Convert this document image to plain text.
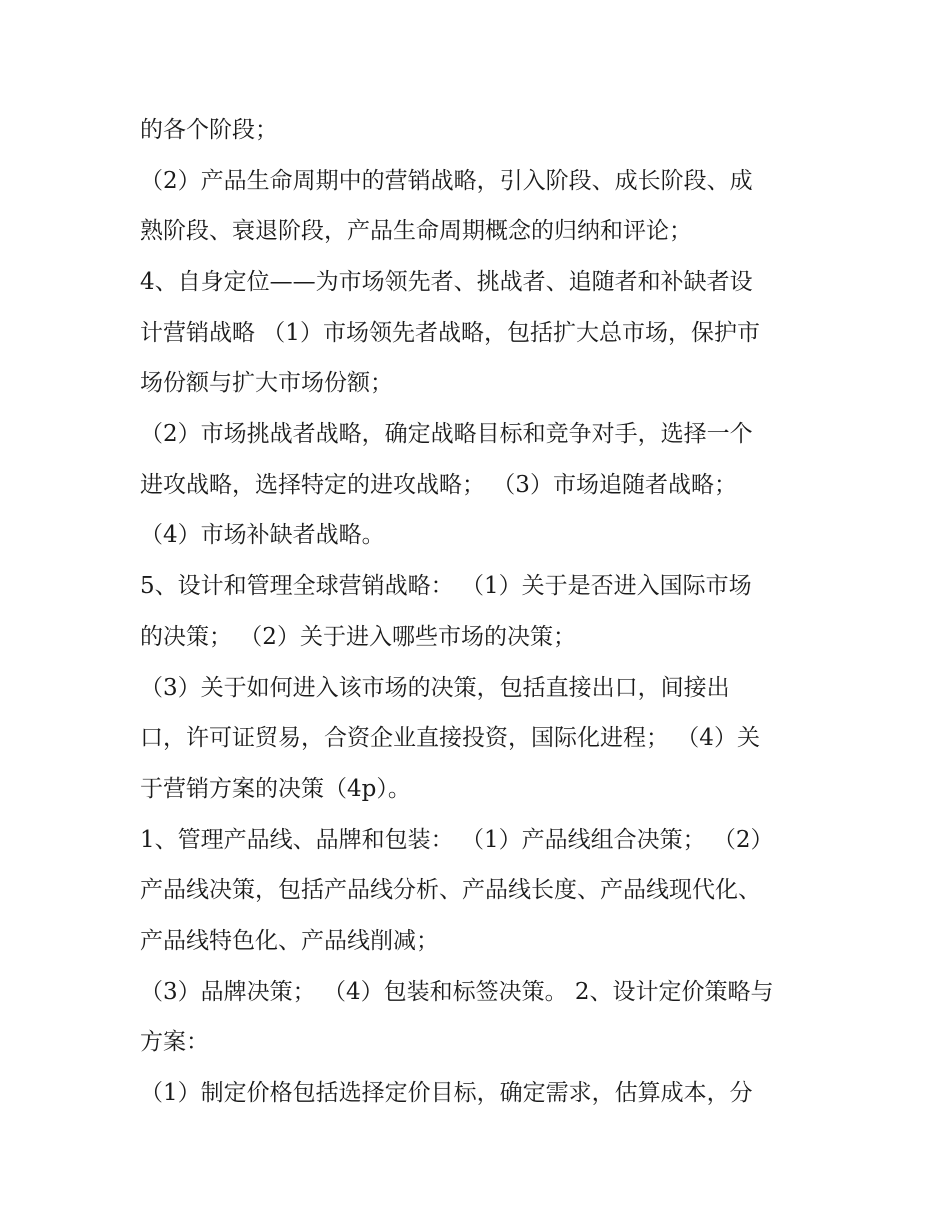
的各个阶段；
（2）产品生命周期中的营销战略，引入阶段、成长阶段、成
熟阶段、衰退阶段，产品生命周期概念的归纳和评论；
4、自身定位——为市场领先者、挑战者、追随者和补缺者设
计营销战略 （1）市场领先者战略，包括扩大总市场，保护市
场份额与扩大市场份额；
（2）市场挑战者战略，确定战略目标和竞争对手，选择一个
进攻战略，选择特定的进攻战略； （3）市场追随者战略；
（4）市场补缺者战略。
5、设计和管理全球营销战略： （1）关于是否进入国际市场
的决策； （2）关于进入哪些市场的决策；
（3）关于如何进入该市场的决策，包括直接出口，间接出
口，许可证贸易，合资企业直接投资，国际化进程； （4）关
于营销方案的决策（4p）。
1、管理产品线、品牌和包装： （1）产品线组合决策； （2）
产品线决策，包括产品线分析、产品线长度、产品线现代化、
产品线特色化、产品线削减；
（3）品牌决策； （4）包装和标签决策。 2、设计定价策略与
方案：
（1）制定价格包括选择定价目标，确定需求，估算成本，分
